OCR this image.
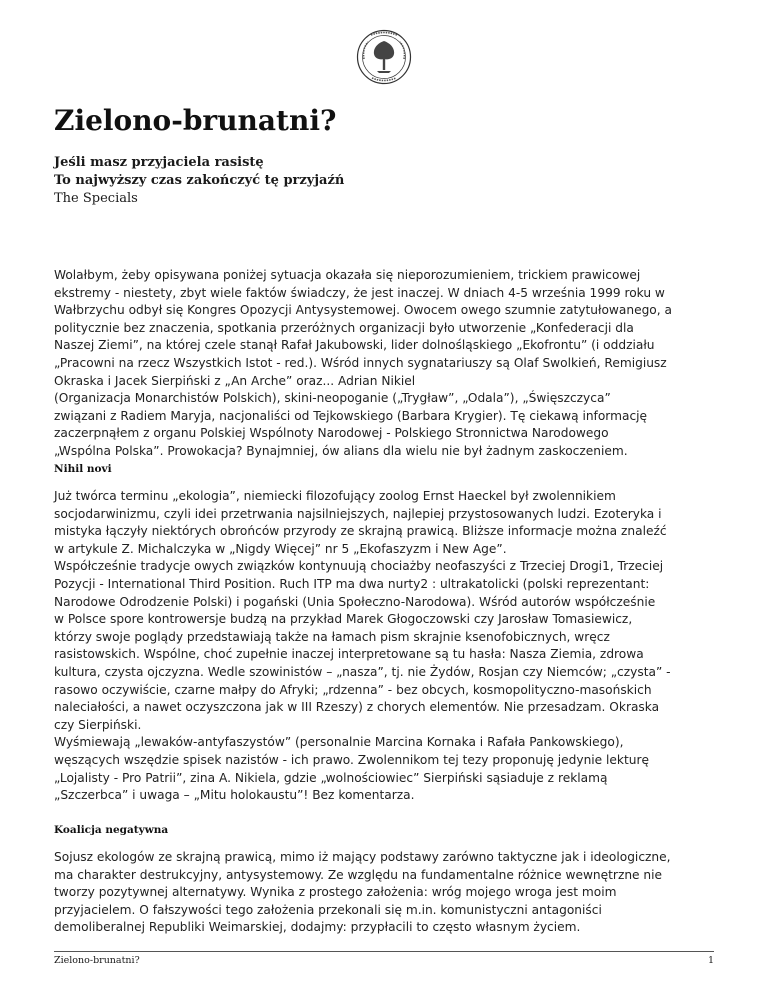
Zielono-brunatni?
Jeśli masz przyjaciela rasistę
To najwyższy czas zakończyć tę przyjaźń
The Specials

Wolałbym, żeby opisywana poniżej sytuacja okazała się nieporozumieniem, trickiem prawicowej

ekstremy - niestety, zbyt wiele faktów świadczy, że jest inaczej. W dniach 4-5 września 1999 roku w

Wałbrzychu odbył się Kongres Opozycji Antysystemowej. Owocem owego szumnie zatytułowanego, a

politycznie bez znaczenia, spotkania przeróżnych organizacji było utworzenie „Konfederacji dla

Naszej Ziemi”, na której czele stanął Rafał Jakubowski, lider dolnośląskiego „Ekofrontu” (i oddziału

„Pracowni na rzecz Wszystkich Istot - red.). Wśród innych sygnatariuszy są Olaf Swolkień, Remigiusz

Okraska i Jacek Sierpiński z „An Arche” oraz... Adrian Nikiel

(Organizacja Monarchistów Polskich), skini-neopoganie („Trygław”, „Odala”), „Święszczyca”

związani z Radiem Maryja, nacjonaliści od Tejkowskiego (Barbara Krygier). Tę ciekawą informację

zaczerpnąłem z organu Polskiej Wspólnoty Narodowej - Polskiego Stronnictwa Narodowego

„Wspólna Polska”. Prowokacja? Bynajmniej, ów alians dla wielu nie był żadnym zaskoczeniem.

Nihil novi

Już twórca terminu „ekologia”, niemiecki filozofujący zoolog Ernst Haeckel był zwolennikiem

socjodarwinizmu, czyli idei przetrwania najsilniejszych, najlepiej przystosowanych ludzi. Ezoteryka i

mistyka łączyły niektórych obrońców przyrody ze skrajną prawicą. Bliższe informacje można znaleźć

w artykule Z. Michalczyka w „Nigdy Więcej” nr 5 „Ekofaszyzm i New Age”.

Współcześnie tradycje owych związków kontynuują chociażby neofaszyści z Trzeciej Drogi1, Trzeciej

Pozycji - International Third Position. Ruch ITP ma dwa nurty2 : ultrakatolicki (polski reprezentant:

Narodowe Odrodzenie Polski) i pogański (Unia Społeczno-Narodowa). Wśród autorów współcześnie

w Polsce spore kontrowersje budzą na przykład Marek Głogoczowski czy Jarosław Tomasiewicz,

którzy swoje poglądy przedstawiają także na łamach pism skrajnie ksenofobicznych, wręcz

rasistowskich. Wspólne, choć zupełnie inaczej interpretowane są tu hasła: Nasza Ziemia, zdrowa

kultura, czysta ojczyzna. Wedle szowinistów – „nasza”, tj. nie Żydów, Rosjan czy Niemców; „czysta” -

rasowo oczywiście, czarne małpy do Afryki; „rdzenna” - bez obcych, kosmopolityczno-masońskich

naleciałości, a nawet oczyszczona jak w III Rzeszy) z chorych elementów. Nie przesadzam. Okraska

czy Sierpiński.

Wyśmiewają „lewaków-antyfaszystów” (personalnie Marcina Kornaka i Rafała Pankowskiego),

węszących wszędzie spisek nazistów - ich prawo. Zwolennikom tej tezy proponuję jedynie lekturę

„Lojalisty - Pro Patrii”, zina A. Nikiela, gdzie „wolnościowiec” Sierpiński sąsiaduje z reklamą

„Szczerbca” i uwaga – „Mitu holokaustu”! Bez komentarza.

Koalicja negatywna

Sojusz ekologów ze skrajną prawicą, mimo iż mający podstawy zarówno taktyczne jak i ideologiczne,

ma charakter destrukcyjny, antysystemowy. Ze względu na fundamentalne różnice wewnętrzne nie

tworzy pozytywnej alternatywy. Wynika z prostego założenia: wróg mojego wroga jest moim

przyjacielem. O fałszywości tego założenia przekonali się m.in. komunistyczni antagoniści

demoliberalnej Republiki Weimarskiej, dodajmy: przypłacili to często własnym życiem.

Zielono-brunatni?	1
